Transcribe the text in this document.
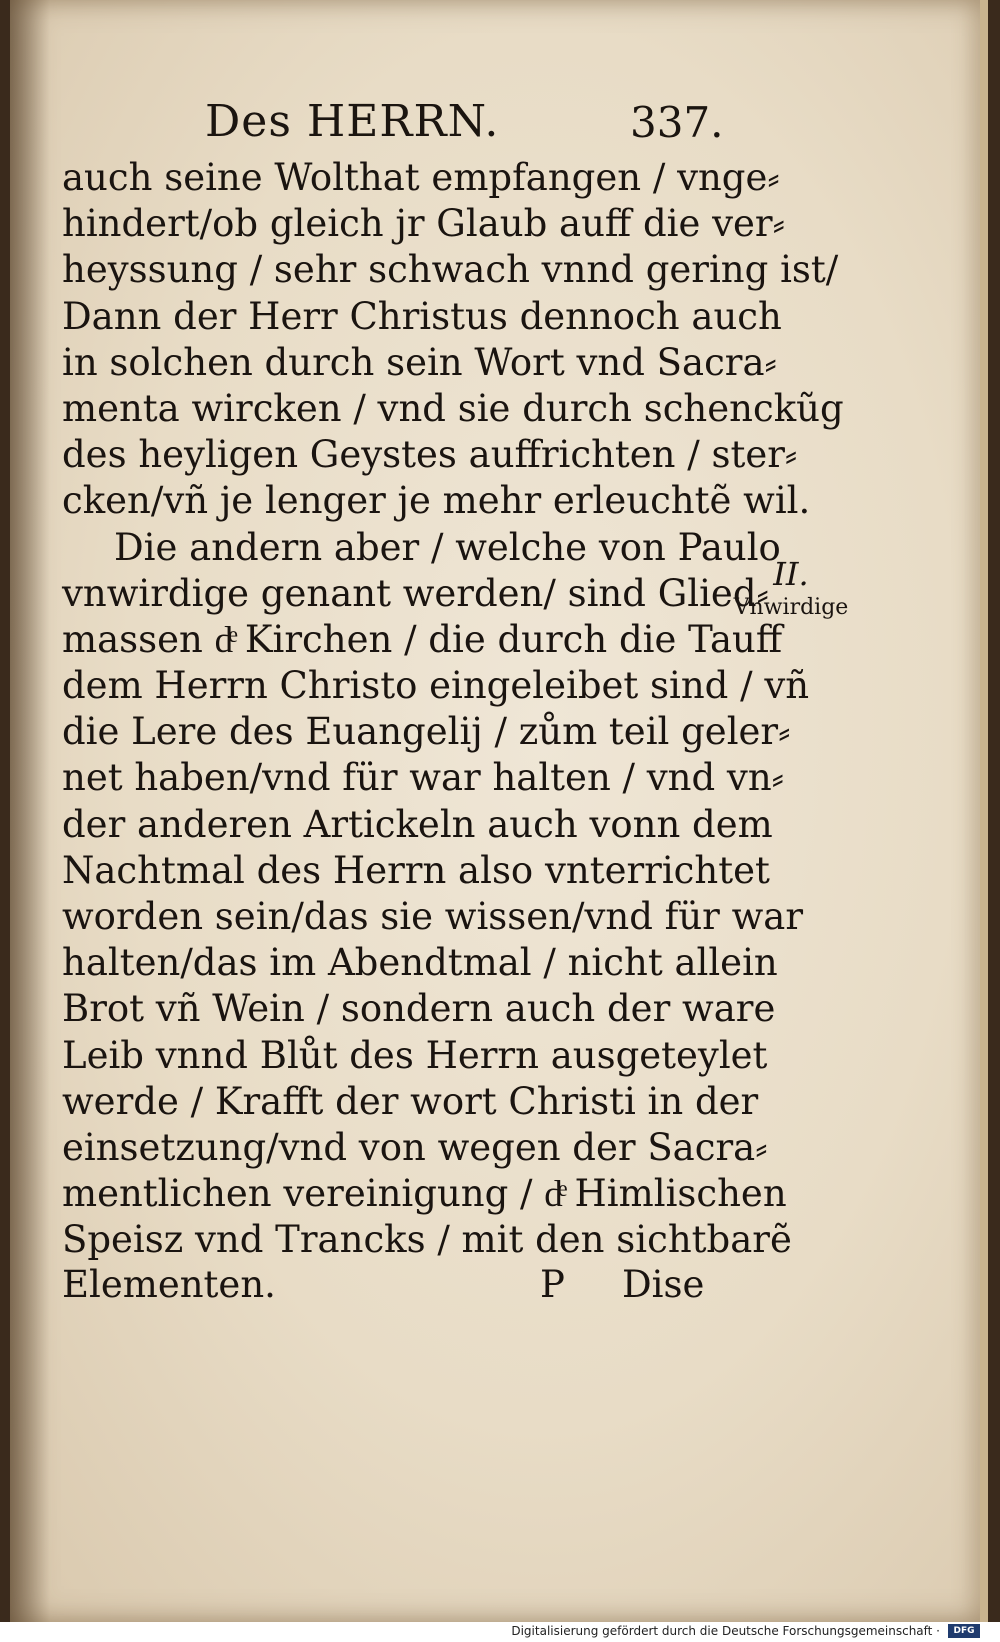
Des HERRN.	337.
auch seine Wolthat empfangen / vnge⸗
hindert/ob gleich jr Glaub auff die ver⸗
heyssung / sehr schwach vnnd gering ist/
Dann der Herr Christus dennoch auch
in solchen durch sein Wort vnd Sacra⸗
menta wircken / vnd sie durch schenckũg
des heyligen Geystes auffrichten / ster⸗
cken/vñ je lenger je mehr erleuchtẽ wil.
Die andern aber / welche von Paulo
vnwirdige genant werden/ sind Glied⸗
massen dͤ Kirchen / die durch die Tauff
dem Herrn Christo eingeleibet sind / vñ
die Lere des Euangelij / zům teil geler⸗
net haben/vnd für war halten / vnd vn⸗
der anderen Artickeln auch vonn dem
Nachtmal des Herrn also vnterrichtet
worden sein/das sie wissen/vnd für war
halten/das im Abendtmal / nicht allein
Brot vñ Wein / sondern auch der ware
Leib vnnd Blůt des Herrn ausgeteylet
werde / Krafft der wort Christi in der
einsetzung/vnd von wegen der Sacra⸗
mentlichen vereinigung / dͤ Himlischen
Speisz vnd Trancks / mit den sichtbarẽ
II.
Vnwirdige
Elementen.	P Dise
Digitalisierung gefördert durch die Deutsche Forschungsgemeinschaft ·	DFG
